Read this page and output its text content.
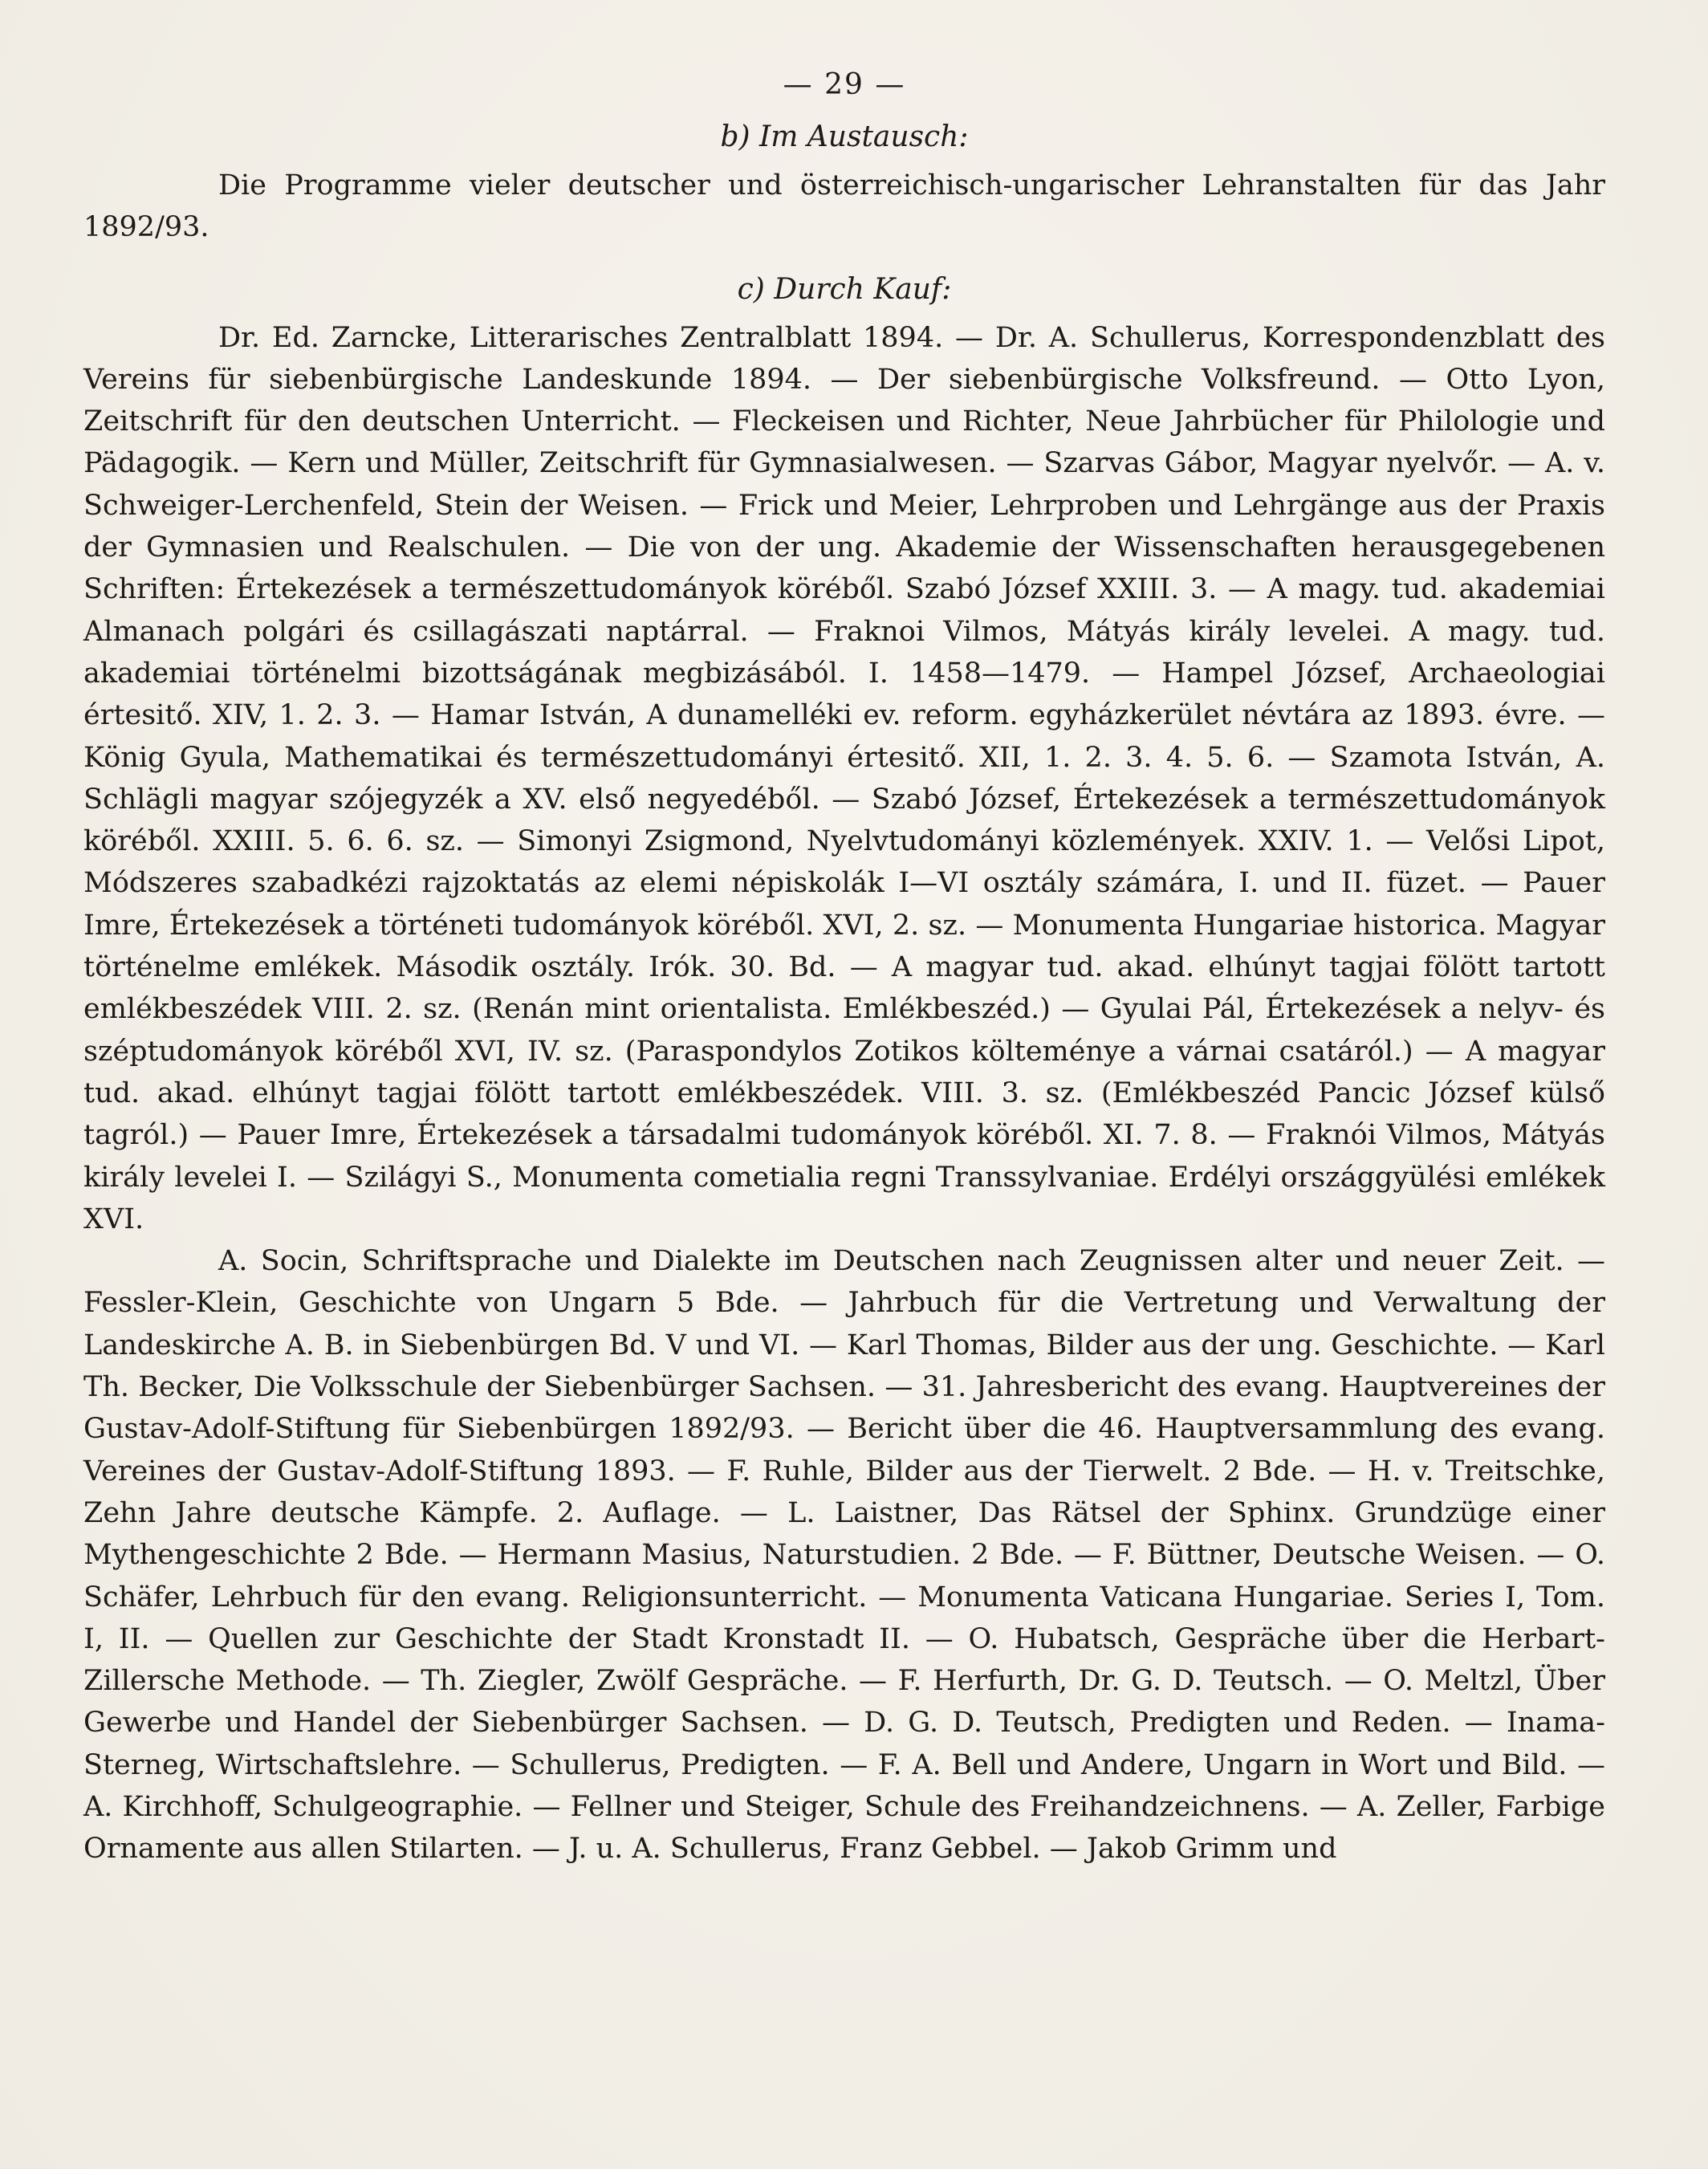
— 29 —
b) Im Austausch:

Die Programme vieler deutscher und österreichisch-ungarischer Lehranstalten für das Jahr 1892/93.

c) Durch Kauf:

Dr. Ed. Zarncke, Litterarisches Zentralblatt 1894. — Dr. A. Schullerus, Korrespondenzblatt des Vereins für siebenbürgische Landeskunde 1894. — Der siebenbürgische Volksfreund. — Otto Lyon, Zeitschrift für den deutschen Unterricht. — Fleckeisen und Richter, Neue Jahrbücher für Philologie und Pädagogik. — Kern und Müller, Zeitschrift für Gymnasialwesen. — Szarvas Gábor, Magyar nyelvőr. — A. v. Schweiger-Lerchenfeld, Stein der Weisen. — Frick und Meier, Lehrproben und Lehrgänge aus der Praxis der Gymnasien und Realschulen. — Die von der ung. Akademie der Wissenschaften herausgegebenen Schriften: Értekezések a természettudományok köréből. Szabó József XXIII. 3. — A magy. tud. akademiai Almanach polgári és csillagászati naptárral. — Fraknoi Vilmos, Mátyás király levelei. A magy. tud. akademiai történelmi bizottságának megbizásából. I. 1458—1479. — Hampel József, Archaeologiai értesitő. XIV, 1. 2. 3. — Hamar István, A dunamelléki ev. reform. egyházkerület névtára az 1893. évre. — König Gyula, Mathematikai és természettudományi értesitő. XII, 1. 2. 3. 4. 5. 6. — Szamota István, A. Schlägli magyar szójegyzék a XV. első negyedéből. — Szabó József, Értekezések a természettudományok köréből. XXIII. 5. 6. 6. sz. — Simonyi Zsigmond, Nyelvtudományi közlemények. XXIV. 1. — Velősi Lipot, Módszeres szabadkézi rajzoktatás az elemi népiskolák I—VI osztály számára, I. und II. füzet. — Pauer Imre, Értekezések a történeti tudományok köréből. XVI, 2. sz. — Monumenta Hungariae historica. Magyar történelme emlékek. Második osztály. Irók. 30. Bd. — A magyar tud. akad. elhúnyt tagjai fölött tartott emlékbeszédek VIII. 2. sz. (Renán mint orientalista. Emlékbeszéd.) — Gyulai Pál, Értekezések a nelyv- és széptudományok köréből XVI, IV. sz. (Paraspondylos Zotikos költeménye a várnai csatáról.) — A magyar tud. akad. elhúnyt tagjai fölött tartott emlékbeszédek. VIII. 3. sz. (Emlékbeszéd Pancic József külső tagról.) — Pauer Imre, Értekezések a társadalmi tudományok köréből. XI. 7. 8. — Fraknói Vilmos, Mátyás király levelei I. — Szilágyi S., Monumenta cometialia regni Transsylvaniae. Erdélyi országgyülési emlékek XVI.

A. Socin, Schriftsprache und Dialekte im Deutschen nach Zeugnissen alter und neuer Zeit. — Fessler-Klein, Geschichte von Ungarn 5 Bde. — Jahrbuch für die Vertretung und Verwaltung der Landeskirche A. B. in Siebenbürgen Bd. V und VI. — Karl Thomas, Bilder aus der ung. Geschichte. — Karl Th. Becker, Die Volksschule der Siebenbürger Sachsen. — 31. Jahresbericht des evang. Hauptvereines der Gustav-Adolf-Stiftung für Siebenbürgen 1892/93. — Bericht über die 46. Hauptversammlung des evang. Vereines der Gustav-Adolf-Stiftung 1893. — F. Ruhle, Bilder aus der Tierwelt. 2 Bde. — H. v. Treitschke, Zehn Jahre deutsche Kämpfe. 2. Auflage. — L. Laistner, Das Rätsel der Sphinx. Grundzüge einer Mythengeschichte 2 Bde. — Hermann Masius, Naturstudien. 2 Bde. — F. Büttner, Deutsche Weisen. — O. Schäfer, Lehrbuch für den evang. Religionsunterricht. — Monumenta Vaticana Hungariae. Series I, Tom. I, II. — Quellen zur Geschichte der Stadt Kronstadt II. — O. Hubatsch, Gespräche über die Herbart-Zillersche Methode. — Th. Ziegler, Zwölf Gespräche. — F. Herfurth, Dr. G. D. Teutsch. — O. Meltzl, Über Gewerbe und Handel der Siebenbürger Sachsen. — D. G. D. Teutsch, Predigten und Reden. — Inama-Sterneg, Wirtschaftslehre. — Schullerus, Predigten. — F. A. Bell und Andere, Ungarn in Wort und Bild. — A. Kirchhoff, Schulgeographie. — Fellner und Steiger, Schule des Freihandzeichnens. — A. Zeller, Farbige Ornamente aus allen Stilarten. — J. u. A. Schullerus, Franz Gebbel. — Jakob Grimm und
